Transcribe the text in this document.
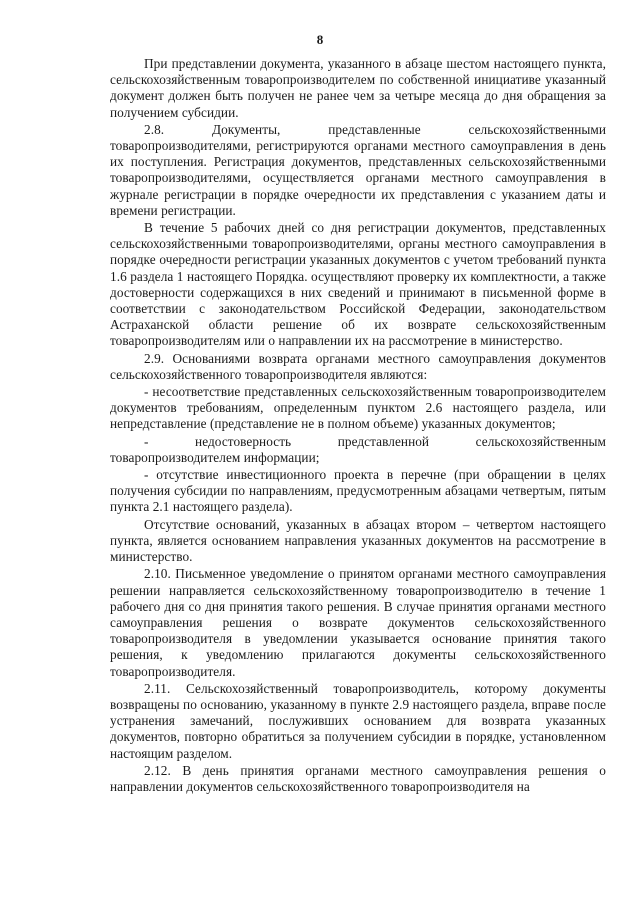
8

При представлении документа, указанного в абзаце шестом настоящего пункта, сельскохозяйственным товаропроизводителем по собственной инициативе указанный документ должен быть получен не ранее чем за четыре месяца до дня обращения за получением субсидии.

2.8. Документы, представленные сельскохозяйственными товаропроизводителями, регистрируются органами местного самоуправления в день их поступления. Регистрация документов, представленных сельскохозяйственными товаропроизводителями, осуществляется органами местного самоуправления в журнале регистрации в порядке очередности их представления с указанием даты и времени регистрации.

В течение 5 рабочих дней со дня регистрации документов, представленных сельскохозяйственными товаропроизводителями, органы местного самоуправления в порядке очередности регистрации указанных документов с учетом требований пункта 1.6 раздела 1 настоящего Порядка. осуществляют проверку их комплектности, а также достоверности содержащихся в них сведений и принимают в письменной форме в соответствии с законодательством Российской Федерации, законодательством Астраханской области решение об их возврате сельскохозяйственным товаропроизводителям или о направлении их на рассмотрение в министерство.

2.9. Основаниями возврата органами местного самоуправления документов сельскохозяйственного товаропроизводителя являются:

- несоответствие представленных сельскохозяйственным товаропроизводителем документов требованиям, определенным пунктом 2.6 настоящего раздела, или непредставление (представление не в полном объеме) указанных документов;

- недостоверность представленной сельскохозяйственным товаропроизводителем информации;

- отсутствие инвестиционного проекта в перечне (при обращении в целях получения субсидии по направлениям, предусмотренным абзацами четвертым, пятым пункта 2.1 настоящего раздела).

Отсутствие оснований, указанных в абзацах втором – четвертом настоящего пункта, является основанием направления указанных документов на рассмотрение в министерство.

2.10. Письменное уведомление о принятом органами местного самоуправления решении направляется сельскохозяйственному товаропроизводителю в течение 1 рабочего дня со дня принятия такого решения. В случае принятия органами местного самоуправления решения о возврате документов сельскохозяйственного товаропроизводителя в уведомлении указывается основание принятия такого решения, к уведомлению прилагаются документы сельскохозяйственного товаропроизводителя.

2.11. Сельскохозяйственный товаропроизводитель, которому документы возвращены по основанию, указанному в пункте 2.9 настоящего раздела, вправе после устранения замечаний, послуживших основанием для возврата указанных документов, повторно обратиться за получением субсидии в порядке, установленном настоящим разделом.

2.12. В день принятия органами местного самоуправления решения о направлении документов сельскохозяйственного товаропроизводителя на
